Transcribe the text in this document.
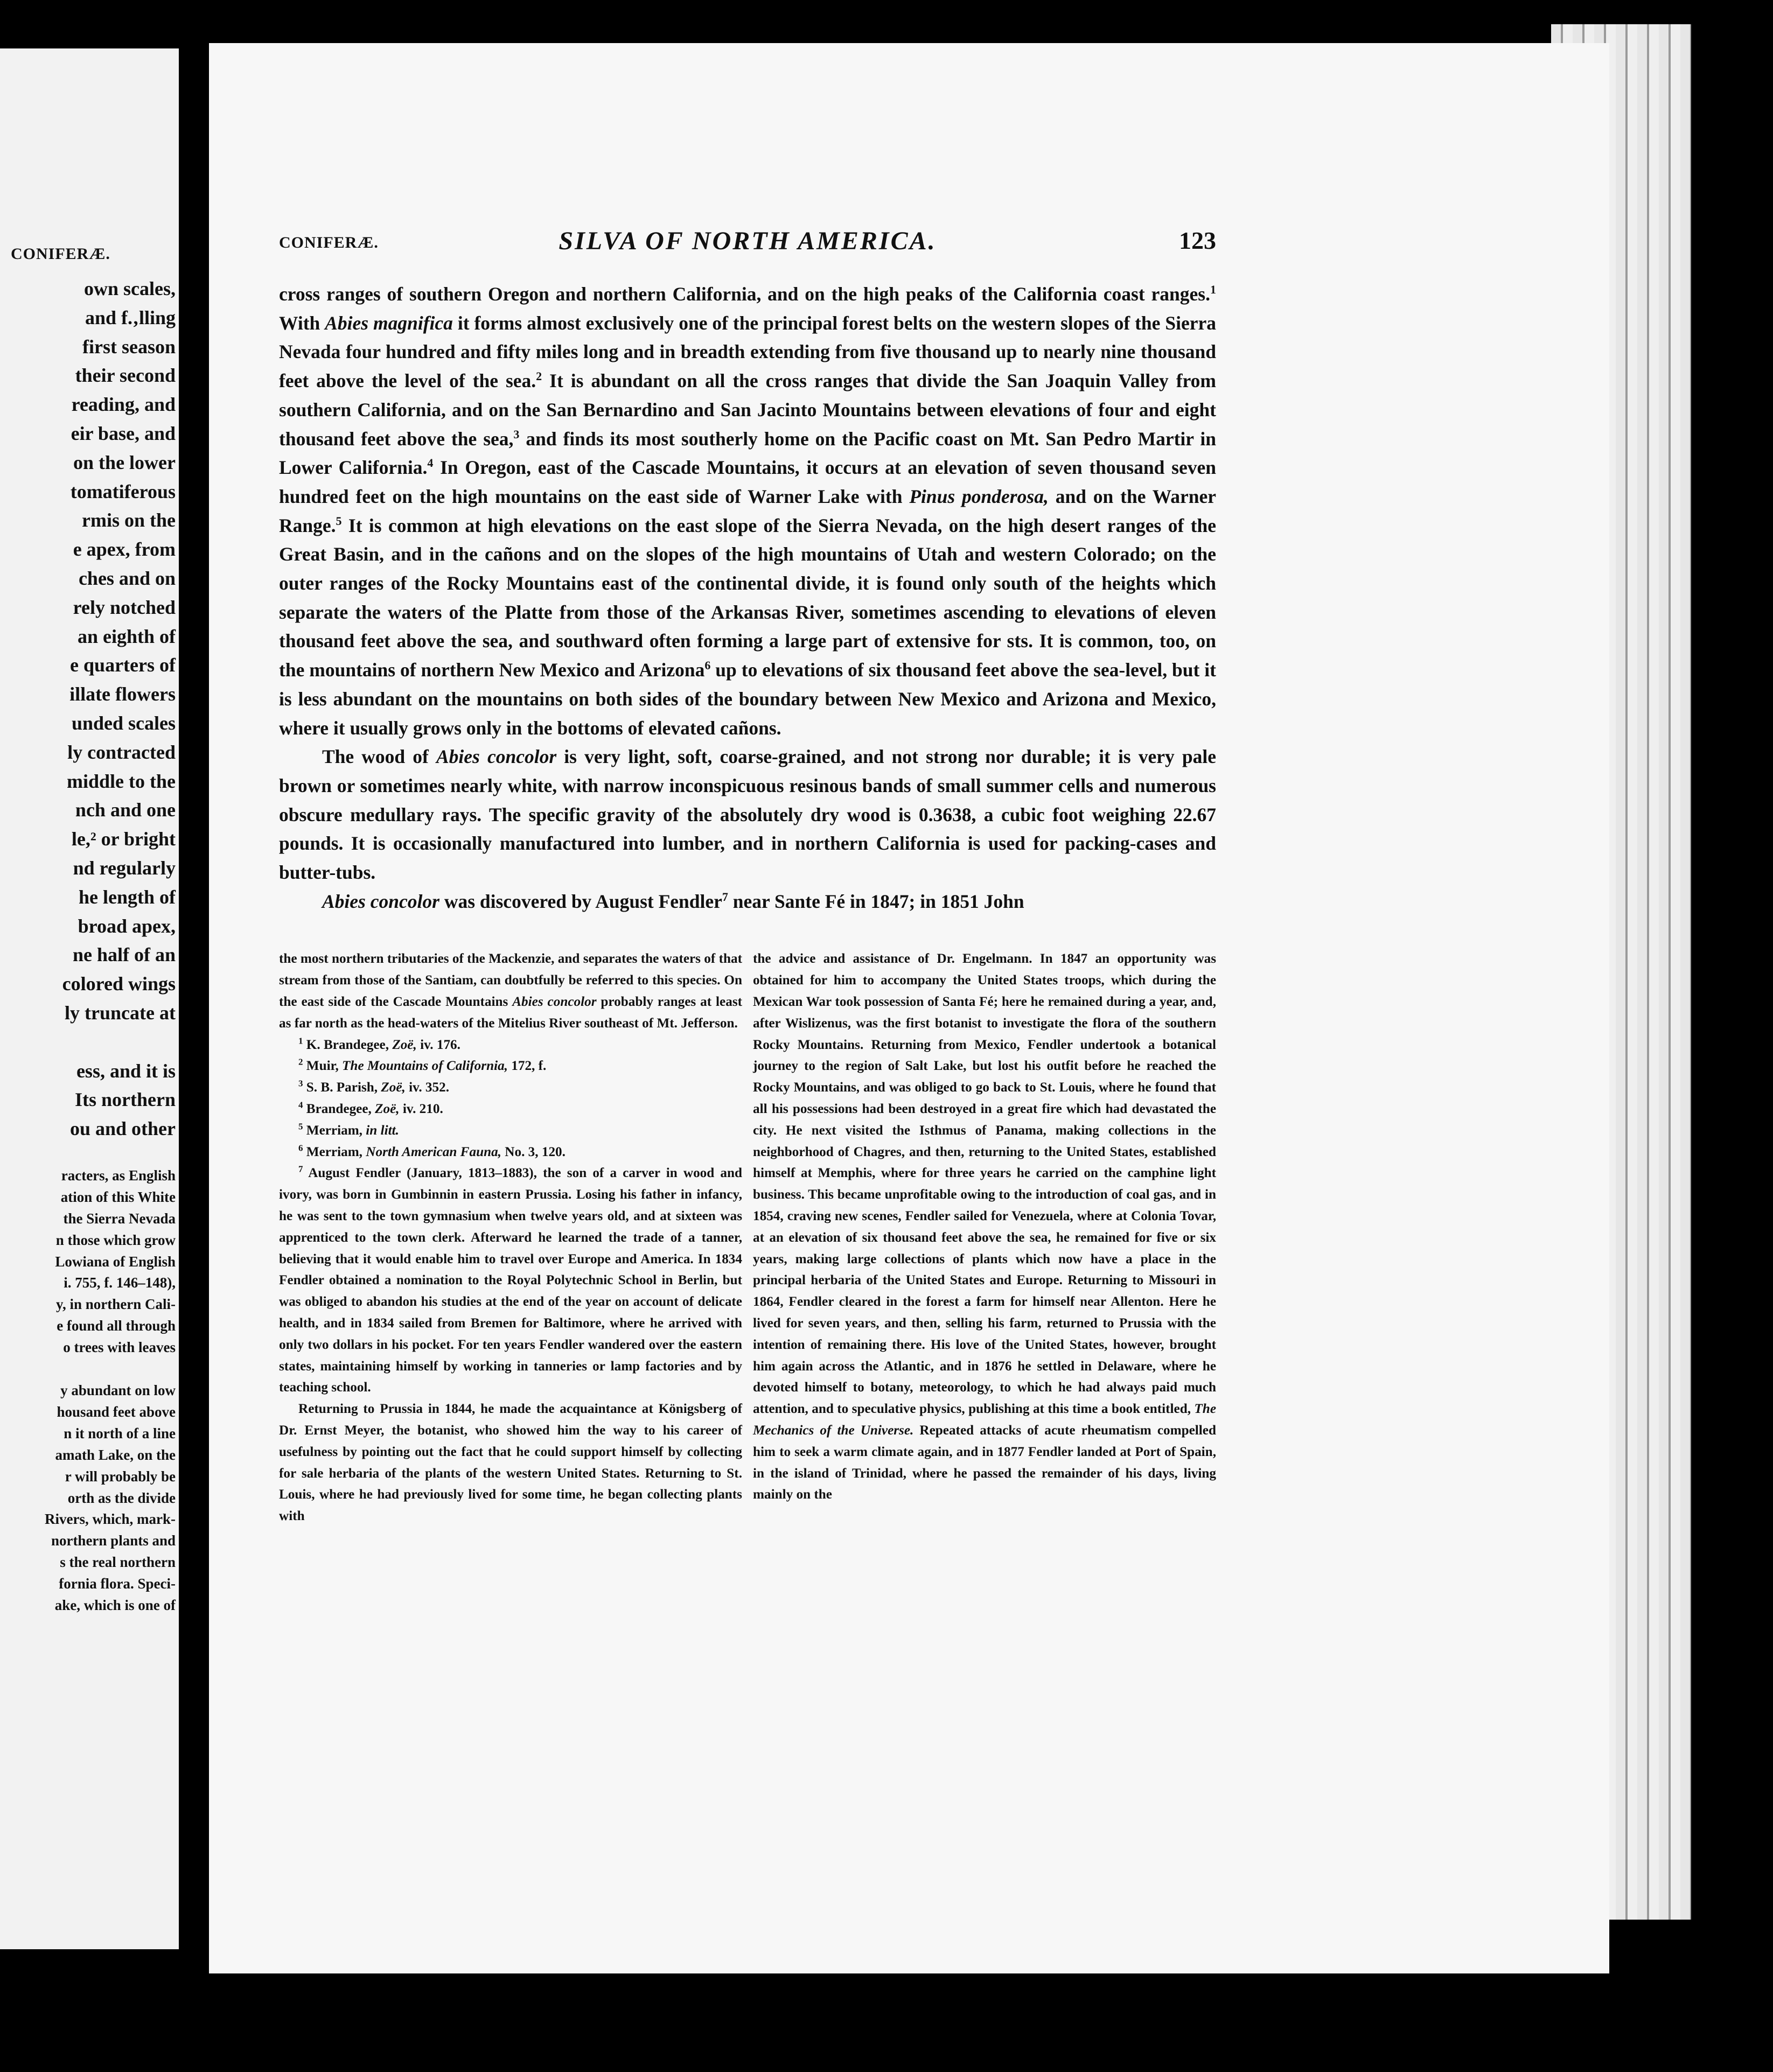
CONIFERÆ.
own scales,
and f.‚lling
first season
their second
reading, and
eir base, and
on the lower
tomatiferous
rmis on the
e apex, from
ches and on
rely notched
an eighth of
e quarters of
illate flowers
unded scales
ly contracted
middle to the
nch and one
le,² or bright
nd regularly
he length of
broad apex,
ne half of an
colored wings
ly truncate at

ess, and it is
Its northern
ou and other
racters, as English
ation of this White
the Sierra Nevada
n those which grow
Lowiana of English
i. 755, f. 146–148),
y, in northern Cali-
e found all through
o trees with leaves

y abundant on low
housand feet above
n it north of a line
amath Lake, on the
r will probably be
orth as the divide
Rivers, which, mark-
northern plants and
s the real northern
fornia flora. Speci-
ake, which is one of
CONIFERÆ.	SILVA OF NORTH AMERICA.	123

cross ranges of southern Oregon and northern California, and on the high peaks of the California coast ranges.$^1$ With Abies magnifica it forms almost exclusively one of the principal forest belts on the western slopes of the Sierra Nevada four hundred and fifty miles long and in breadth extending from five thousand up to nearly nine thousand feet above the level of the sea.$^2$ It is abundant on all the cross ranges that divide the San Joaquin Valley from southern California, and on the San Bernardino and San Jacinto Mountains between elevations of four and eight thousand feet above the sea,$^3$ and finds its most southerly home on the Pacific coast on Mt. San Pedro Martir in Lower California.$^4$ In Oregon, east of the Cascade Mountains, it occurs at an elevation of seven thousand seven hundred feet on the high mountains on the east side of Warner Lake with Pinus ponderosa, and on the Warner Range.$^5$ It is common at high elevations on the east slope of the Sierra Nevada, on the high desert ranges of the Great Basin, and in the cañons and on the slopes of the high mountains of Utah and western Colorado; on the outer ranges of the Rocky Mountains east of the continental divide, it is found only south of the heights which separate the waters of the Platte from those of the Arkansas River, sometimes ascending to elevations of eleven thousand feet above the sea, and southward often forming a large part of extensive for sts. It is common, too, on the mountains of northern New Mexico and Arizona$^6$ up to elevations of six thousand feet above the sea-level, but it is less abundant on the mountains on both sides of the boundary between New Mexico and Arizona and Mexico, where it usually grows only in the bottoms of elevated cañons.

The wood of Abies concolor is very light, soft, coarse-grained, and not strong nor durable; it is very pale brown or sometimes nearly white, with narrow inconspicuous resinous bands of small summer cells and numerous obscure medullary rays. The specific gravity of the absolutely dry wood is 0.3638, a cubic foot weighing 22.67 pounds. It is occasionally manufactured into lumber, and in northern California is used for packing-cases and butter-tubs.

Abies concolor was discovered by August Fendler$^7$ near Sante Fé in 1847; in 1851 John

the most northern tributaries of the Mackenzie, and separates the waters of that stream from those of the Santiam, can doubtfully be referred to this species. On the east side of the Cascade Mountains Abies concolor probably ranges at least as far north as the head-waters of the Mitelius River southeast of Mt. Jefferson.

$^1$ K. Brandegee, Zoë, iv. 176.

$^2$ Muir, The Mountains of California, 172, f.

$^3$ S. B. Parish, Zoë, iv. 352.

$^4$ Brandegee, Zoë, iv. 210.

$^5$ Merriam, in litt.

$^6$ Merriam, North American Fauna, No. 3, 120.

$^7$ August Fendler (January, 1813–1883), the son of a carver in wood and ivory, was born in Gumbinnin in eastern Prussia. Losing his father in infancy, he was sent to the town gymnasium when twelve years old, and at sixteen was apprenticed to the town clerk. Afterward he learned the trade of a tanner, believing that it would enable him to travel over Europe and America. In 1834 Fendler obtained a nomination to the Royal Polytechnic School in Berlin, but was obliged to abandon his studies at the end of the year on account of delicate health, and in 1834 sailed from Bremen for Baltimore, where he arrived with only two dollars in his pocket. For ten years Fendler wandered over the eastern states, maintaining himself by working in tanneries or lamp factories and by teaching school.

Returning to Prussia in 1844, he made the acquaintance at Königsberg of Dr. Ernst Meyer, the botanist, who showed him the way to his career of usefulness by pointing out the fact that he could support himself by collecting for sale herbaria of the plants of the western United States. Returning to St. Louis, where he had previously lived for some time, he began collecting plants with

the advice and assistance of Dr. Engelmann. In 1847 an opportunity was obtained for him to accompany the United States troops, which during the Mexican War took possession of Santa Fé; here he remained during a year, and, after Wislizenus, was the first botanist to investigate the flora of the southern Rocky Mountains. Returning from Mexico, Fendler undertook a botanical journey to the region of Salt Lake, but lost his outfit before he reached the Rocky Mountains, and was obliged to go back to St. Louis, where he found that all his possessions had been destroyed in a great fire which had devastated the city. He next visited the Isthmus of Panama, making collections in the neighborhood of Chagres, and then, returning to the United States, established himself at Memphis, where for three years he carried on the camphine light business. This became unprofitable owing to the introduction of coal gas, and in 1854, craving new scenes, Fendler sailed for Venezuela, where at Colonia Tovar, at an elevation of six thousand feet above the sea, he remained for five or six years, making large collections of plants which now have a place in the principal herbaria of the United States and Europe. Returning to Missouri in 1864, Fendler cleared in the forest a farm for himself near Allenton. Here he lived for seven years, and then, selling his farm, returned to Prussia with the intention of remaining there. His love of the United States, however, brought him again across the Atlantic, and in 1876 he settled in Delaware, where he devoted himself to botany, meteorology, to which he had always paid much attention, and to speculative physics, publishing at this time a book entitled, The Mechanics of the Universe. Repeated attacks of acute rheumatism compelled him to seek a warm climate again, and in 1877 Fendler landed at Port of Spain, in the island of Trinidad, where he passed the remainder of his days, living mainly on the
